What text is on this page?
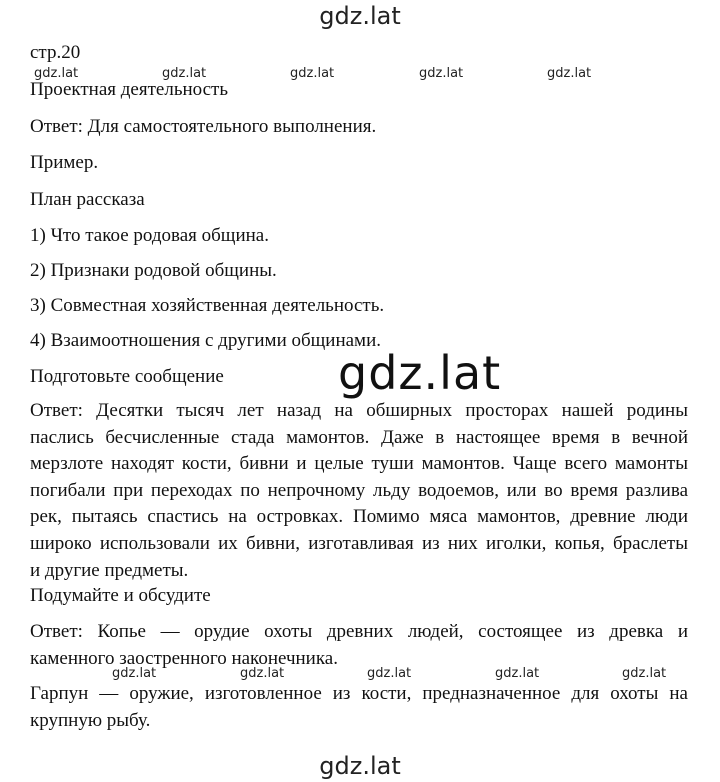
gdz.lat
gdz.lat	gdz.lat	gdz.lat	gdz.lat	gdz.lat
gdz.lat
gdz.lat	gdz.lat	gdz.lat	gdz.lat	gdz.lat
gdz.lat
стр.20
Проектная деятельность
Ответ: Для самостоятельного выполнения.
Пример.
План рассказа
1) Что такое родовая община.
2) Признаки родовой общины.
3) Совместная хозяйственная деятельность.
4) Взаимоотношения с другими общинами.
Подготовьте сообщение
Ответ: Десятки тысяч лет назад на обширных просторах нашей родины
паслись бесчисленные стада мамонтов. Даже в настоящее время в вечной
мерзлоте находят кости, бивни и целые туши мамонтов. Чаще всего мамонты
погибали при переходах по непрочному льду водоемов, или во время разлива
рек, пытаясь спастись на островках. Помимо мяса мамонтов, древние люди
широко использовали их бивни, изготавливая из них иголки, копья, браслеты
и другие предметы.
Подумайте и обсудите
Ответ: Копье — орудие охоты древних людей, состоящее из древка и
каменного заостренного наконечника.
Гарпун — оружие, изготовленное из кости, предназначенное для охоты на
крупную рыбу.
